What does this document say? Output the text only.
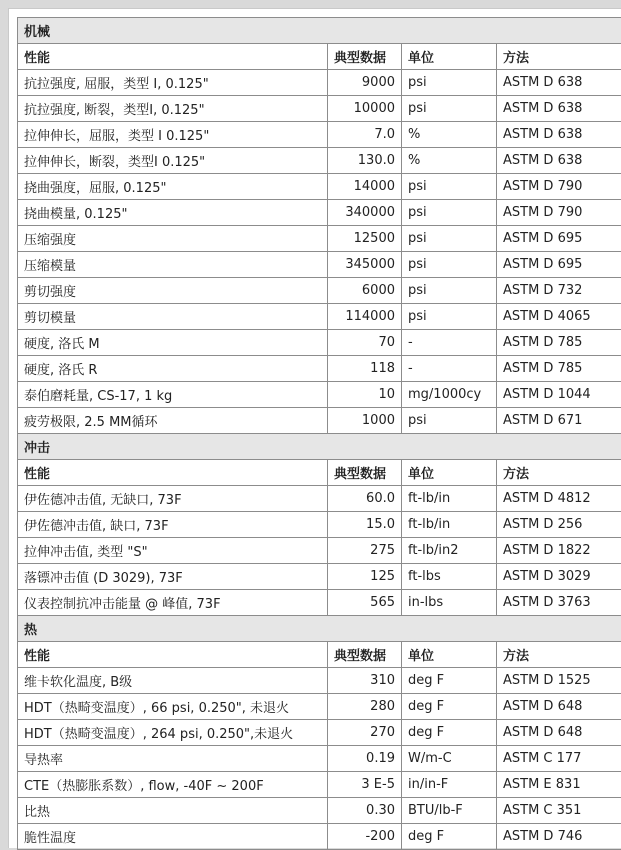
机械			
性能	典型数据	单位	方法
抗拉强度, 屈服，类型 I, 0.125"	9000	psi	ASTM D 638
抗拉强度, 断裂，类型I, 0.125"	10000	psi	ASTM D 638
拉伸伸长，屈服，类型 I 0.125"	7.0	%	ASTM D 638
拉伸伸长，断裂，类型I 0.125"	130.0	%	ASTM D 638
挠曲强度，屈服, 0.125"	14000	psi	ASTM D 790
挠曲模量, 0.125"	340000	psi	ASTM D 790
压缩强度	12500	psi	ASTM D 695
压缩模量	345000	psi	ASTM D 695
剪切强度	6000	psi	ASTM D 732
剪切模量	114000	psi	ASTM D 4065
硬度, 洛氏 M	70	-	ASTM D 785
硬度, 洛氏 R	118	-	ASTM D 785
泰伯磨耗量, CS-17, 1 kg	10	mg/1000cy	ASTM D 1044
疲劳极限, 2.5 MM循环	1000	psi	ASTM D 671
冲击			
性能	典型数据	单位	方法
伊佐德冲击值, 无缺口, 73F	60.0	ft-lb/in	ASTM D 4812
伊佐德冲击值, 缺口, 73F	15.0	ft-lb/in	ASTM D 256
拉伸冲击值, 类型 "S"	275	ft-lb/in2	ASTM D 1822
落镖冲击值 (D 3029), 73F	125	ft-lbs	ASTM D 3029
仪表控制抗冲击能量 @ 峰值, 73F	565	in-lbs	ASTM D 3763
热			
性能	典型数据	单位	方法
维卡软化温度, B级	310	deg F	ASTM D 1525
HDT（热畸变温度）, 66 psi, 0.250", 未退火	280	deg F	ASTM D 648
HDT（热畸变温度）, 264 psi, 0.250",未退火	270	deg F	ASTM D 648
导热率	0.19	W/m-C	ASTM C 177
CTE（热膨胀系数）, flow, -40F ~ 200F	3 E-5	in/in-F	ASTM E 831
比热	0.30	BTU/lb-F	ASTM C 351
脆性温度	-200	deg F	ASTM D 746
